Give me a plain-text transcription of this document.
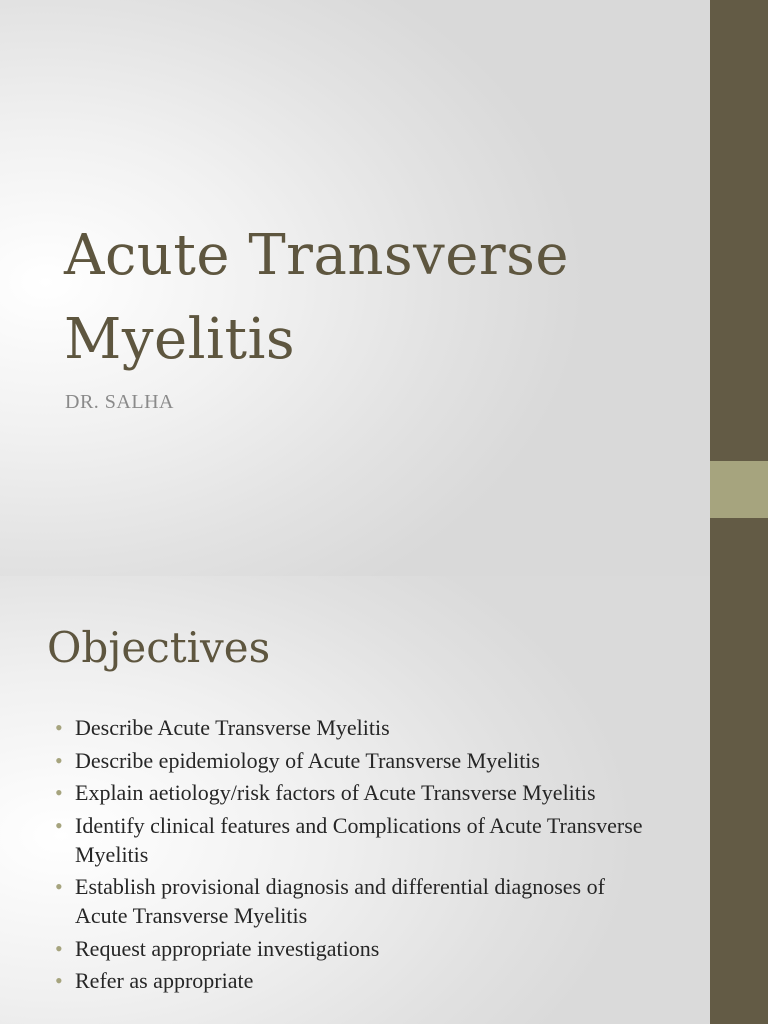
Acute Transverse Myelitis
DR. SALHA
Objectives
• Describe Acute Transverse Myelitis
• Describe epidemiology of Acute Transverse Myelitis
• Explain aetiology/risk factors of Acute Transverse Myelitis
• Identify clinical features and Complications of Acute Transverse Myelitis
• Establish provisional diagnosis and differential diagnoses of Acute Transverse Myelitis
• Request appropriate investigations
• Refer as appropriate
